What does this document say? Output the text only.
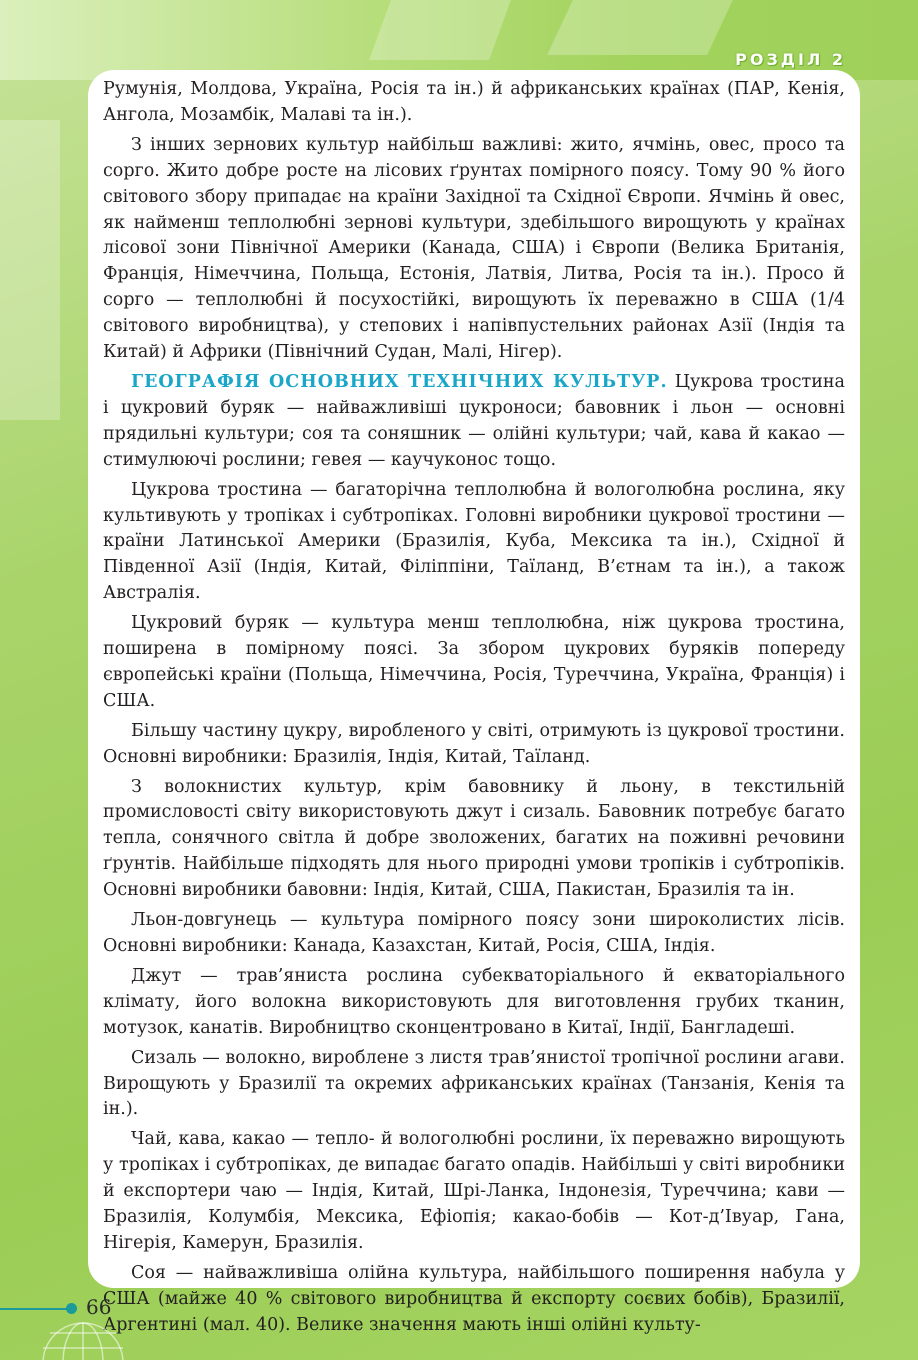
РОЗДІЛ 2

Румунія, Молдова, Україна, Росія та ін.) й африканських країнах (ПАР, Кенія, Ангола, Мозамбік, Малаві та ін.).

З інших зернових культур найбільш важливі: жито, ячмінь, овес, просо та сорго. Жито добре росте на лісових ґрунтах помірного поясу. Тому 90 % його світового збору припадає на країни Західної та Східної Європи. Ячмінь й овес, як найменш теплолюбні зернові культури, здебільшого вирощують у країнах лісової зони Північної Америки (Канада, США) і Європи (Велика Британія, Франція, Німеччина, Польща, Естонія, Латвія, Литва, Росія та ін.). Просо й сорго — теплолюбні й посухостійкі, вирощують їх переважно в США (1/4 світового виробництва), у степових і напівпустельних районах Азії (Індія та Китай) й Африки (Північний Судан, Малі, Нігер).

ГЕОГРАФІЯ ОСНОВНИХ ТЕХНІЧНИХ КУЛЬТУР. Цукрова тростина і цукровий буряк — найважливіші цукроноси; бавовник і льон — основні прядильні культури; соя та соняшник — олійні культури; чай, кава й какао — стимулюючі рослини; гевея — каучуконос тощо.

Цукрова тростина — багаторічна теплолюбна й вологолюбна рослина, яку культивують у тропіках і субтропіках. Головні виробники цукрової тростини — країни Латинської Америки (Бразилія, Куба, Мексика та ін.), Східної й Південної Азії (Індія, Китай, Філіппіни, Таїланд, В’єтнам та ін.), а також Австралія.

Цукровий буряк — культура менш теплолюбна, ніж цукрова тростина, поширена в помірному поясі. За збором цукрових буряків попереду європейські країни (Польща, Німеччина, Росія, Туреччина, Україна, Франція) і США.

Більшу частину цукру, виробленого у світі, отримують із цукрової тростини. Основні виробники: Бразилія, Індія, Китай, Таїланд.

З волокнистих культур, крім бавовнику й льону, в текстильній промисловості світу використовують джут і сизаль. Бавовник потребує багато тепла, сонячного світла й добре зволожених, багатих на поживні речовини ґрунтів. Найбільше підходять для нього природні умови тропіків і субтропіків. Основні виробники бавовни: Індія, Китай, США, Пакистан, Бразилія та ін.

Льон-довгунець — культура помірного поясу зони широколистих лісів. Основні виробники: Канада, Казахстан, Китай, Росія, США, Індія.

Джут — трав’яниста рослина субекваторіального й екваторіального клімату, його волокна використовують для виготовлення грубих тканин, мотузок, канатів. Виробництво сконцентровано в Китаї, Індії, Бангладеші.

Сизаль — волокно, вироблене з листя трав’янистої тропічної рослини агави. Вирощують у Бразилії та окремих африканських країнах (Танзанія, Кенія та ін.).

Чай, кава, какао — тепло- й вологолюбні рослини, їх переважно вирощують у тропіках і субтропіках, де випадає багато опадів. Найбільші у світі виробники й експортери чаю — Індія, Китай, Шрі-Ланка, Індонезія, Туреччина; кави — Бразилія, Колумбія, Мексика, Ефіопія; какао-бобів — Кот-д’Івуар, Гана, Нігерія, Камерун, Бразилія.

Соя — найважливіша олійна культура, найбільшого поширення набула у США (майже 40 % світового виробництва й експорту соєвих бобів), Бразилії, Аргентині (мал. 40). Велике значення мають інші олійні культу-

66
